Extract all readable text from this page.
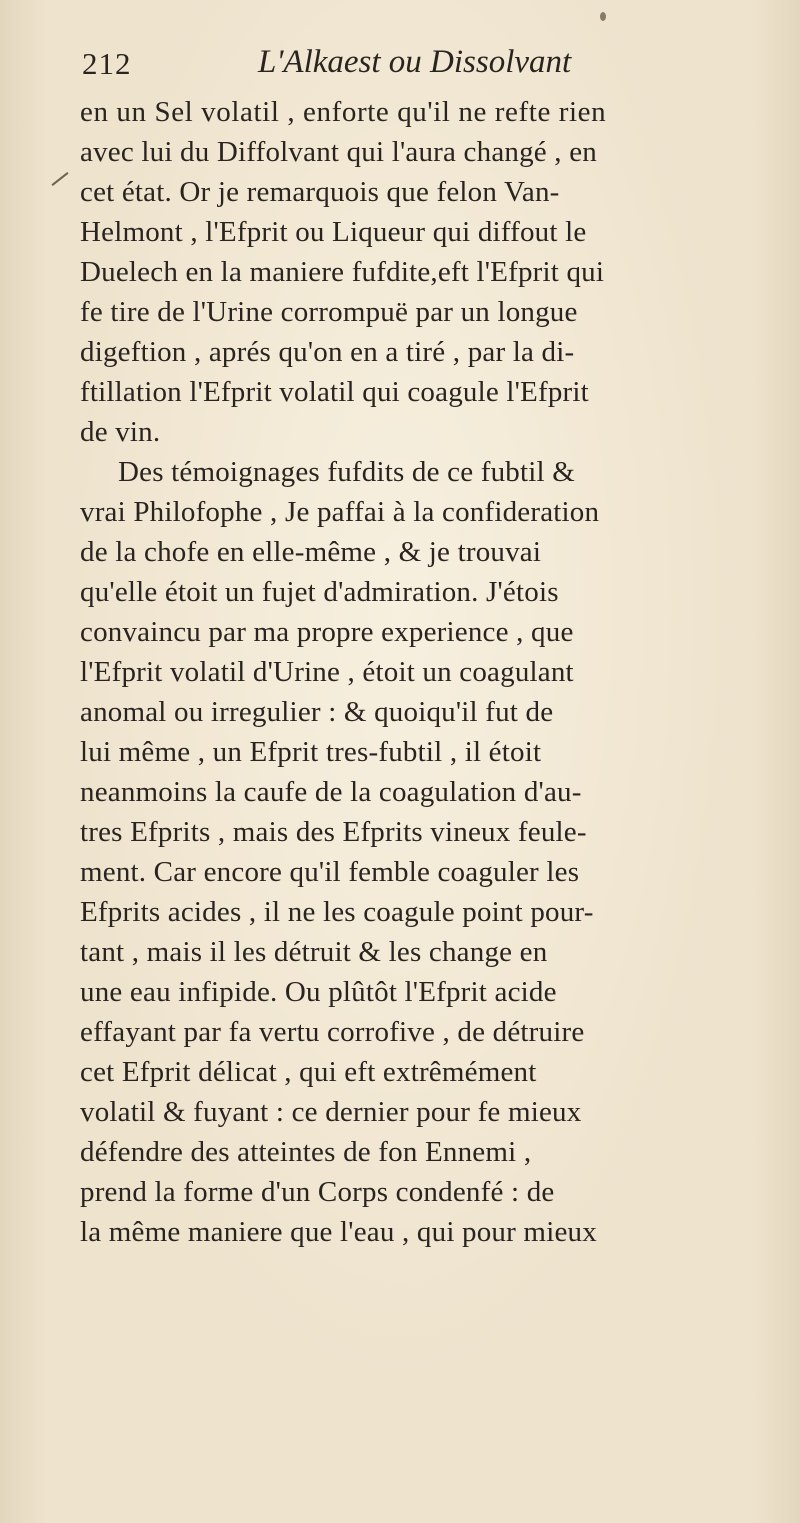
212	L'Alkaest ou Dissolvant
en un Sel volatil , enforte qu'il ne refte rien
avec lui du Diffolvant qui l'aura changé , en
cet état. Or je remarquois que felon Van-
Helmont , l'Efprit ou Liqueur qui diffout le
Duelech en la maniere fufdite,eft l'Efprit qui
fe tire de l'Urine corrompuë par un longue
digeftion , aprés qu'on en a tiré , par la di-
ftillation l'Efprit volatil qui coagule l'Efprit
de vin.
Des témoignages fufdits de ce fubtil &
vrai Philofophe , Je paffai à la confideration
de la chofe en elle-même , & je trouvai
qu'elle étoit un fujet d'admiration. J'étois
convaincu par ma propre experience , que
l'Efprit volatil d'Urine , étoit un coagulant
anomal ou irregulier : & quoiqu'il fut de
lui même , un Efprit tres-fubtil , il étoit
neanmoins la caufe de la coagulation d'au-
tres Efprits , mais des Efprits vineux feule-
ment. Car encore qu'il femble coaguler les
Efprits acides , il ne les coagule point pour-
tant , mais il les détruit & les change en
une eau infipide. Ou plûtôt l'Efprit acide
effayant par fa vertu corrofive , de détruire
cet Efprit délicat , qui eft extrêmément
volatil & fuyant : ce dernier pour fe mieux
défendre des atteintes de fon Ennemi ,
prend la forme d'un Corps condenfé : de
la même maniere que l'eau , qui pour mieux
